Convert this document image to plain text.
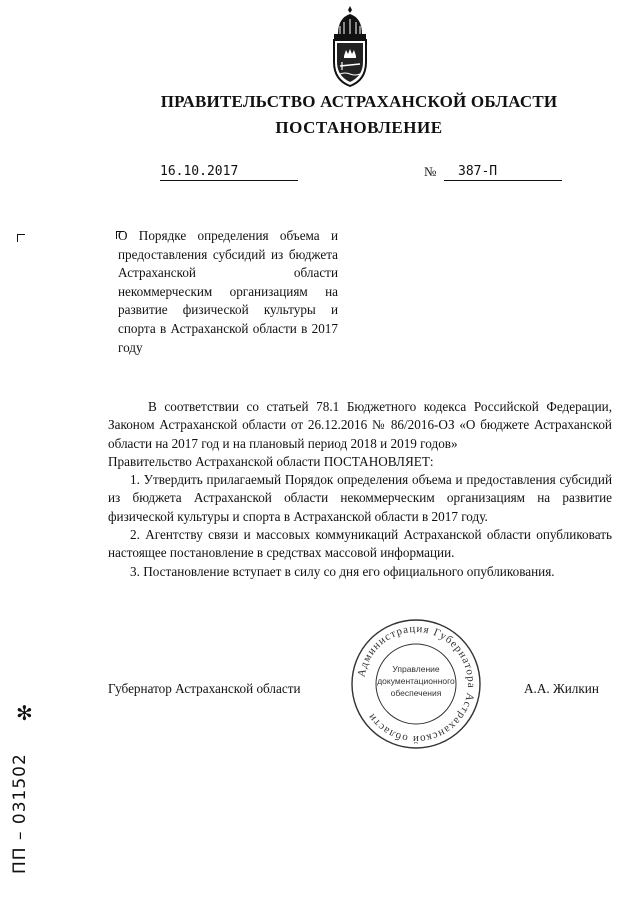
ПРАВИТЕЛЬСТВО АСТРАХАНСКОЙ ОБЛАСТИ
ПОСТАНОВЛЕНИЕ
16.10.2017	№	387-П
О Порядке определения объема и предоставления субсидий из бюджета Астраханской области некоммерческим организациям на развитие физической культуры и спорта в Астраханской области в 2017 году

В соответствии со статьей 78.1 Бюджетного кодекса Российской Федерации, Законом Астраханской области от 26.12.2016 № 86/2016-ОЗ «О бюджете Астраханской области на 2017 год и на плановый период 2018 и 2019 годов»

Правительство Астраханской области ПОСТАНОВЛЯЕТ:

1. Утвердить прилагаемый Порядок определения объема и предоставления субсидий из бюджета Астраханской области некоммерческим организациям на развитие физической культуры и спорта в Астраханской области в 2017 году.

2. Агентству связи и массовых коммуникаций Астраханской области опубликовать настоящее постановление в средствах массовой информации.

3. Постановление вступает в силу со дня его официального опубликования.

Губернатор Астраханской области	А.А. Жилкин
Администрация Губернатора Астраханской области
Управление
документационного
обеспечения
✻
ПП – 031502
